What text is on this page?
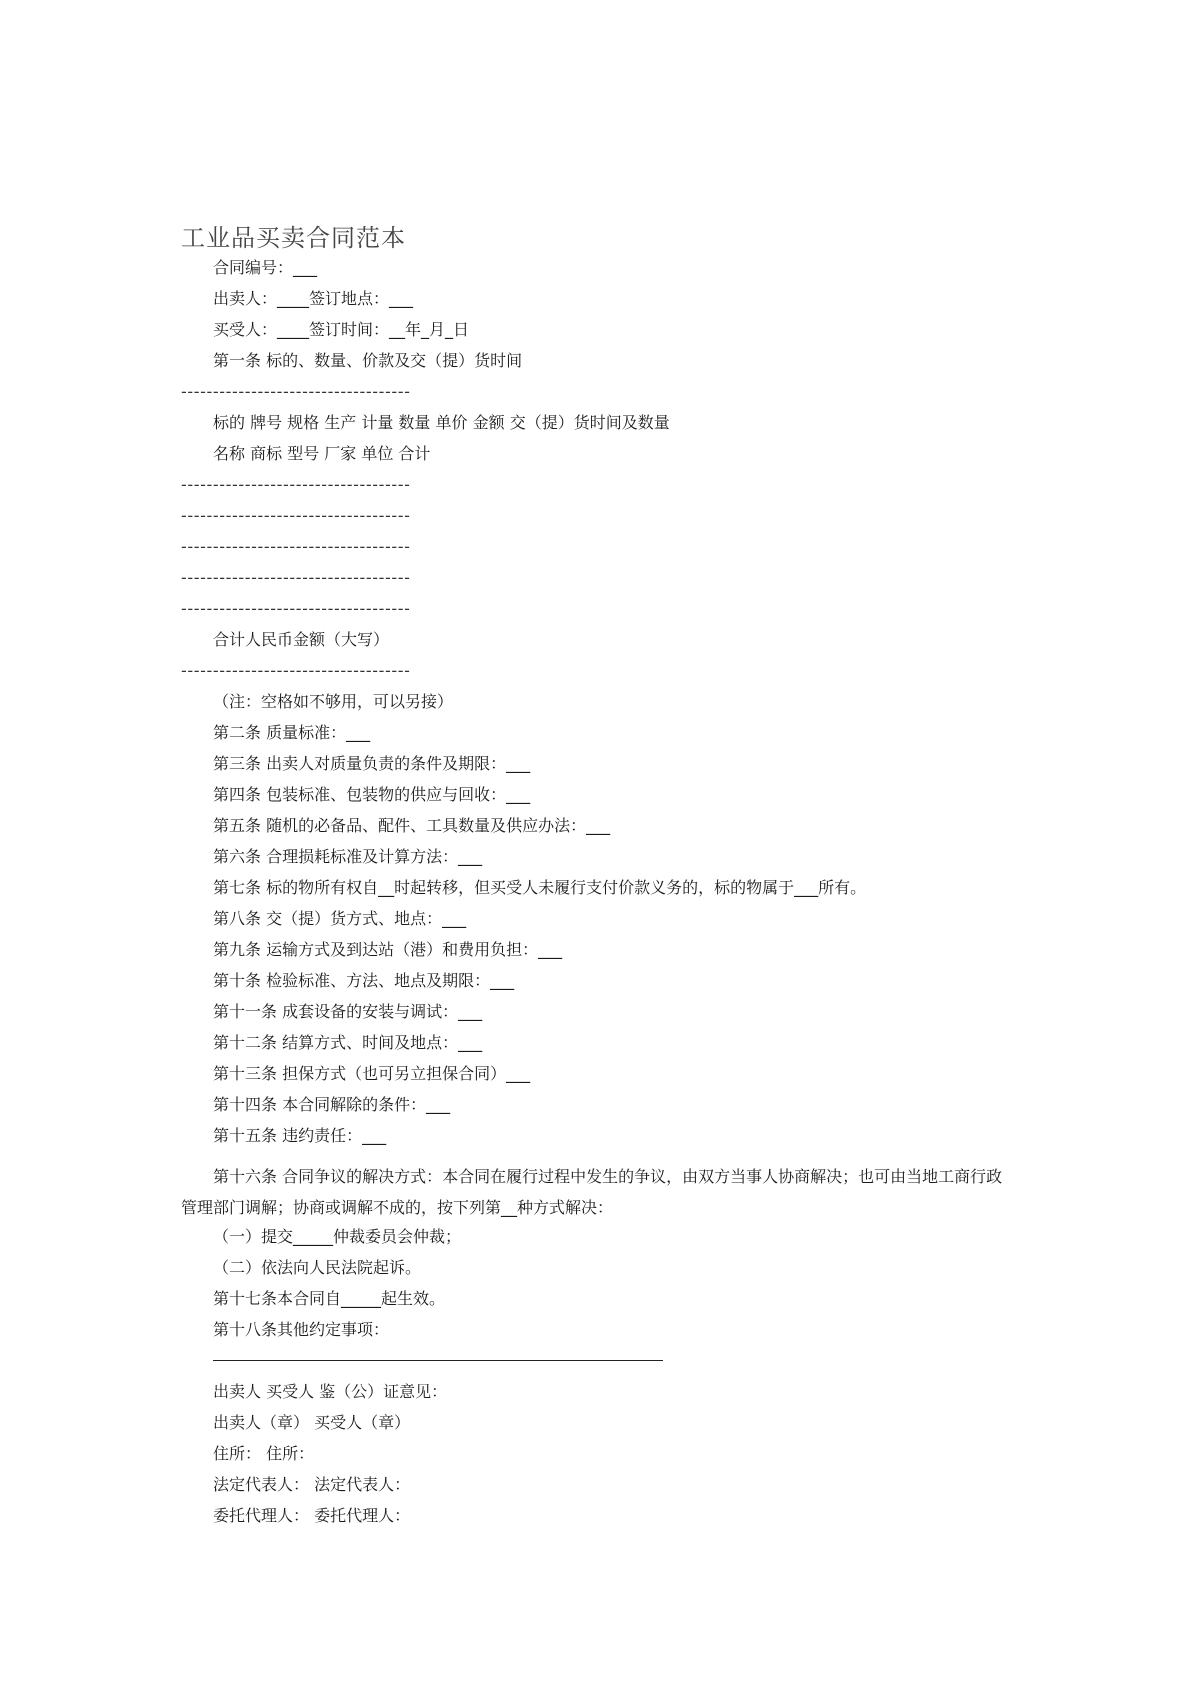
工业品买卖合同范本
合同编号：___
出卖人：____签订地点：___
买受人：____签订时间：__年_月_日
第一条 标的、数量、价款及交（提）货时间
------------------------------------
标的 牌号 规格 生产 计量 数量 单价 金额 交（提）货时间及数量
名称 商标 型号 厂家 单位 合计
------------------------------------
------------------------------------
------------------------------------
------------------------------------
------------------------------------
合计人民币金额（大写）
------------------------------------
（注：空格如不够用，可以另接）
第二条 质量标准：___
第三条 出卖人对质量负责的条件及期限：___
第四条 包装标准、包装物的供应与回收：___
第五条 随机的必备品、配件、工具数量及供应办法：___
第六条 合理损耗标准及计算方法：___
第七条 标的物所有权自__时起转移，但买受人未履行支付价款义务的，标的物属于___所有。
第八条 交（提）货方式、地点：___
第九条 运输方式及到达站（港）和费用负担：___
第十条 检验标准、方法、地点及期限：___
第十一条 成套设备的安装与调试：___
第十二条 结算方式、时间及地点：___
第十三条 担保方式（也可另立担保合同）___
第十四条 本合同解除的条件：___
第十五条 违约责任：___
第十六条 合同争议的解决方式：本合同在履行过程中发生的争议，由双方当事人协商解决；也可由当地工商行政管理部门调解；协商或调解不成的，按下列第__种方式解决：
（一）提交_____仲裁委员会仲裁；
（二）依法向人民法院起诉。
第十七条本合同自_____起生效。
第十八条其他约定事项：
出卖人 买受人 鉴（公）证意见：
出卖人（章） 买受人（章）
住所： 住所：
法定代表人： 法定代表人：
委托代理人： 委托代理人：
